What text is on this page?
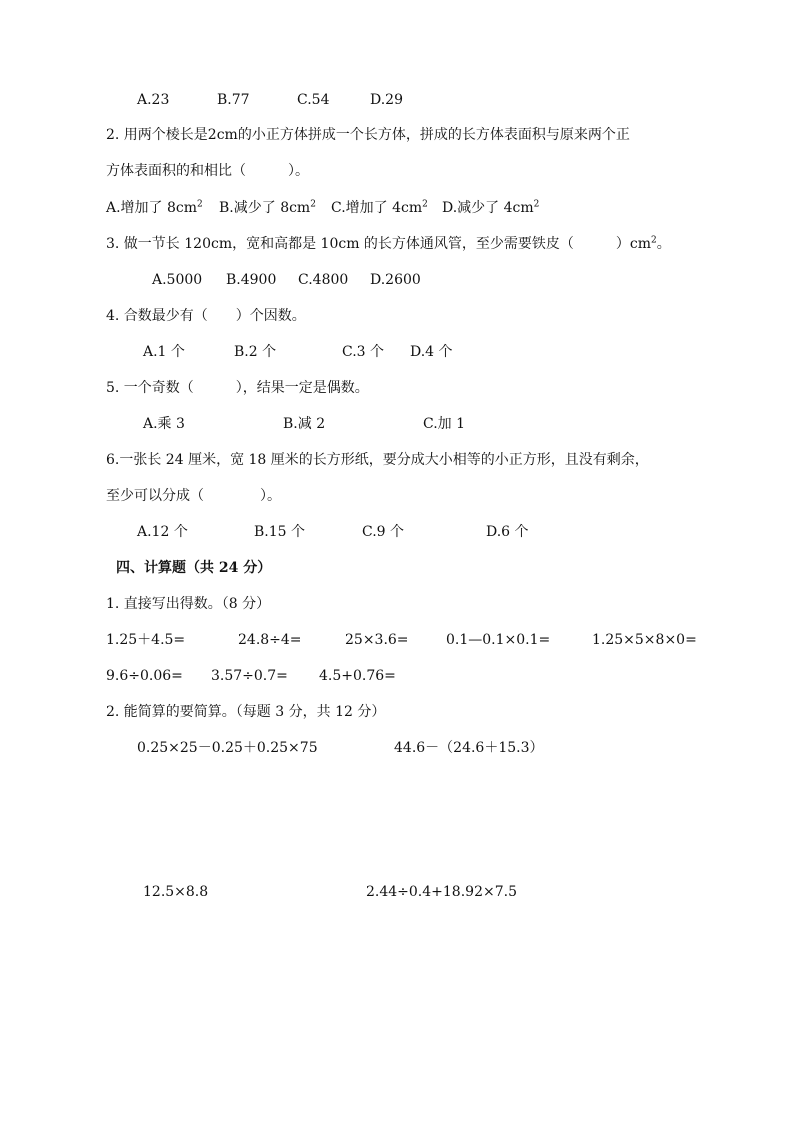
A.23	B.77	C.54	D.29
2. 用两个棱长是2cm的小正方体拼成一个长方体，拼成的长方体表面积与原来两个正
方体表面积的和相比（　　　）。
A.增加了 $8cm^2$ B.减少了 $8cm^2$ C.增加了 $4cm^2$ D.减少了 $4cm^2$
3. 做一节长 120cm，宽和高都是 10cm 的长方体通风管，至少需要铁皮（　　　）$cm^2$。
A.5000 B.4900 C.4800 D.2600
4. 合数最少有（　　）个因数。
A.1 个	B.2 个	C.3 个 D.4 个
5. 一个奇数（　　　），结果一定是偶数。
A.乘 3	B.减 2	C.加 1
6.一张长 24 厘米，宽 18 厘米的长方形纸，要分成大小相等的小正方形，且没有剩余，
至少可以分成（　　　　）。
A.12 个	B.15 个	C.9 个	D.6 个
四、计算题（共 24 分）
1. 直接写出得数。（8 分）
1.25＋4.5=	24.8÷4=	25×3.6=	0.1—0.1×0.1=	1.25×5×8×0=
9.6÷0.06= 3.57÷0.7= 4.5+0.76=
2. 能简算的要简算。（每题 3 分，共 12 分）
0.25×25－0.25＋0.25×75	44.6－（24.6＋15.3）
12.5×8.8	2.44÷0.4+18.92×7.5
